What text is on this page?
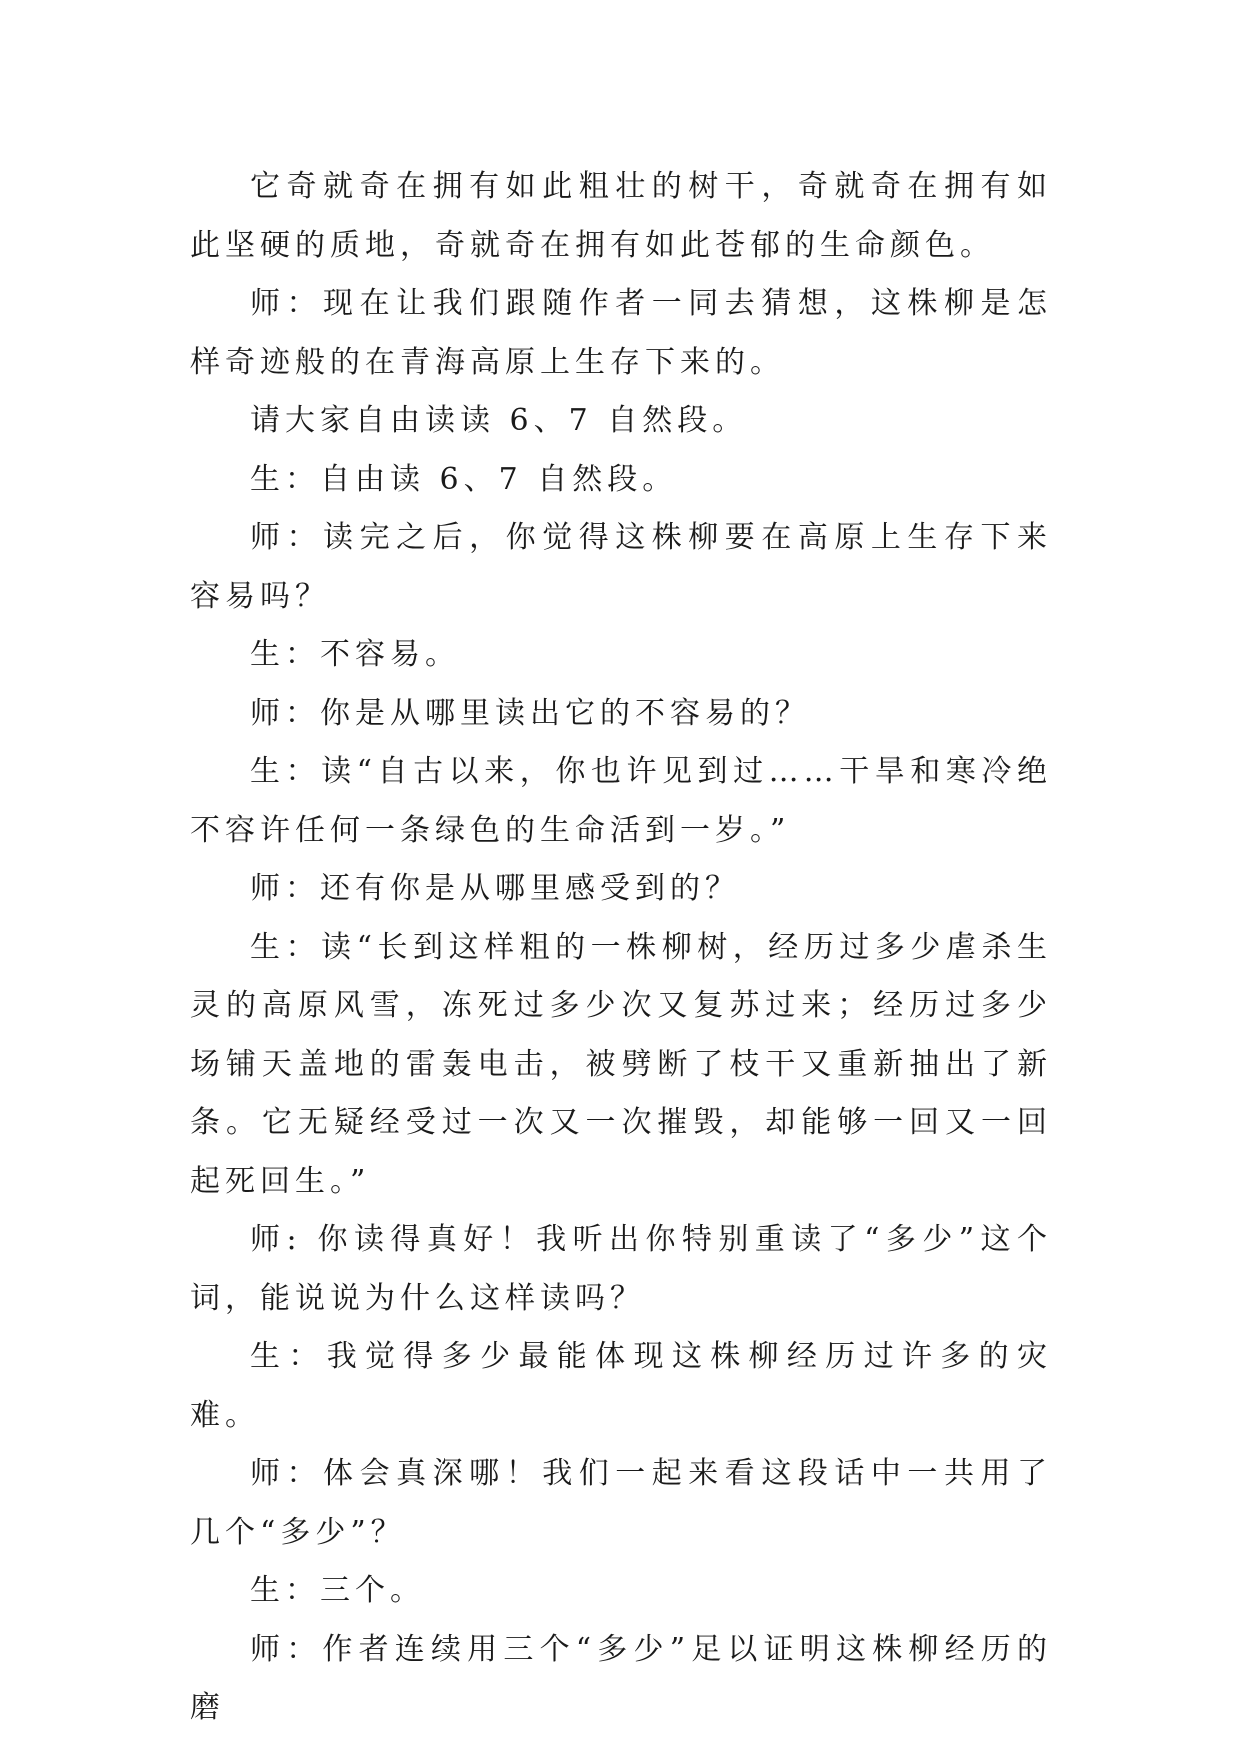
它奇就奇在拥有如此粗壮的树干，奇就奇在拥有如此坚硬的质地，奇就奇在拥有如此苍郁的生命颜色。

师：现在让我们跟随作者一同去猜想，这株柳是怎样奇迹般的在青海高原上生存下来的。

请大家自由读读 6、7 自然段。

生：自由读 6、7 自然段。

师：读完之后，你觉得这株柳要在高原上生存下来容易吗？

生：不容易。

师：你是从哪里读出它的不容易的？

生：读“自古以来，你也许见到过……干旱和寒冷绝不容许任何一条绿色的生命活到一岁。”

师：还有你是从哪里感受到的？

生：读“长到这样粗的一株柳树，经历过多少虐杀生灵的高原风雪，冻死过多少次又复苏过来；经历过多少场铺天盖地的雷轰电击，被劈断了枝干又重新抽出了新条。它无疑经受过一次又一次摧毁，却能够一回又一回起死回生。”

师: 你读得真好！我听出你特别重读了“多少”这个词，能说说为什么这样读吗？

生：我觉得多少最能体现这株柳经历过许多的灾难。

师：体会真深哪！我们一起来看这段话中一共用了几个“多少”？

生：三个。

师：作者连续用三个“多少”足以证明这株柳经历的磨
